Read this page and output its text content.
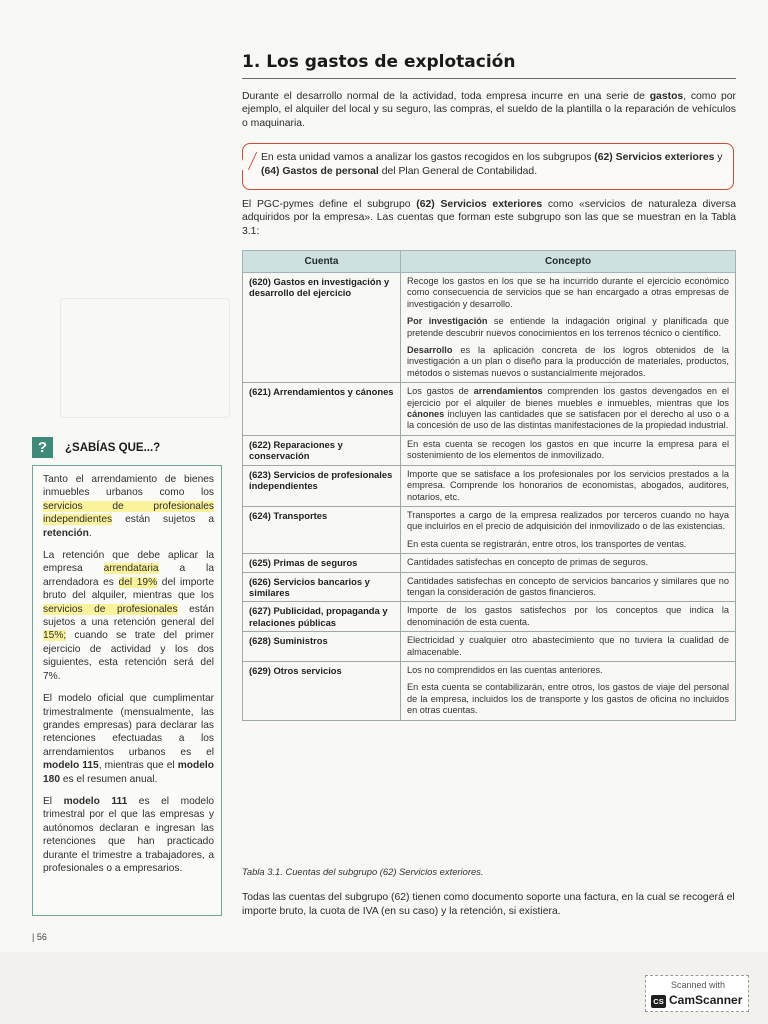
1. Los gastos de explotación

Durante el desarrollo normal de la actividad, toda empresa incurre en una serie de gastos, como por ejemplo, el alquiler del local y su seguro, las compras, el sueldo de la plantilla o la reparación de vehículos o maquinaria.

En esta unidad vamos a analizar los gastos recogidos en los subgrupos (62) Servicios exteriores y (64) Gastos de personal del Plan General de Contabilidad.

El PGC-pymes define el subgrupo (62) Servicios exteriores como «servicios de naturaleza diversa adquiridos por la empresa». Las cuentas que forman este subgrupo son las que se muestran en la Tabla 3.1:

Cuenta	Concepto
(620) Gastos en investigación y desarrollo del ejercicio	Recoge los gastos en los que se ha incurrido durante el ejercicio económico como consecuencia de servicios que se han encargado a otras empresas de investigación y desarrollo.
Por investigación se entiende la indagación original y planificada que pretende descubrir nuevos conocimientos en los terrenos técnico o científico.
Desarrollo es la aplicación concreta de los logros obtenidos de la investigación a un plan o diseño para la producción de materiales, productos, métodos o sistemas nuevos o sustancialmente mejorados.

(621) Arrendamientos y cánones	Los gastos de arrendamientos comprenden los gastos devengados en el ejercicio por el alquiler de bienes muebles e inmuebles, mientras que los cánones incluyen las cantidades que se satisfacen por el derecho al uso o a la concesión de uso de las distintas manifestaciones de la propiedad industrial.
(622) Reparaciones y conservación	En esta cuenta se recogen los gastos en que incurre la empresa para el sostenimiento de los elementos de inmovilizado.
(623) Servicios de profesionales independientes	Importe que se satisface a los profesionales por los servicios prestados a la empresa. Comprende los honorarios de economistas, abogados, auditores, notarios, etc.
(624) Transportes	Transportes a cargo de la empresa realizados por terceros cuando no haya que incluirlos en el precio de adquisición del inmovilizado o de las existencias.
En esta cuenta se registrarán, entre otros, los transportes de ventas.

(625) Primas de seguros	Cantidades satisfechas en concepto de primas de seguros.
(626) Servicios bancarios y similares	Cantidades satisfechas en concepto de servicios bancarios y similares que no tengan la consideración de gastos financieros.
(627) Publicidad, propaganda y relaciones públicas	Importe de los gastos satisfechos por los conceptos que indica la denominación de esta cuenta.
(628) Suministros	Electricidad y cualquier otro abastecimiento que no tuviera la cualidad de almacenable.
(629) Otros servicios	Los no comprendidos en las cuentas anteriores.
En esta cuenta se contabilizarán, entre otros, los gastos de viaje del personal de la empresa, incluidos los de transporte y los gastos de oficina no incluidos en otras cuentas.
Tabla 3.1. Cuentas del subgrupo (62) Servicios exteriores.

Todas las cuentas del subgrupo (62) tienen como documento soporte una factura, en la cual se recogerá el importe bruto, la cuota de IVA (en su caso) y la retención, si existiera.

?	¿SABÍAS QUE...?

Tanto el arrendamiento de bienes inmuebles urbanos como los servicios de profesionales independientes están sujetos a retención.

La retención que debe aplicar la empresa arrendataria a la arrendadora es del 19% del importe bruto del alquiler, mientras que los servicios de profesionales están sujetos a una retención general del 15%; cuando se trate del primer ejercicio de actividad y los dos siguientes, esta retención será del 7%.

El modelo oficial que cumplimentar trimestralmente (mensualmente, las grandes empresas) para declarar las retenciones efectuadas a los arrendamientos urbanos es el modelo 115, mientras que el modelo 180 es el resumen anual.

El modelo 111 es el modelo trimestral por el que las empresas y autónomos declaran e ingresan las retenciones que han practicado durante el trimestre a trabajadores, a profesionales o a empresarios.

| 56
Scanned with
CS CamScanner
